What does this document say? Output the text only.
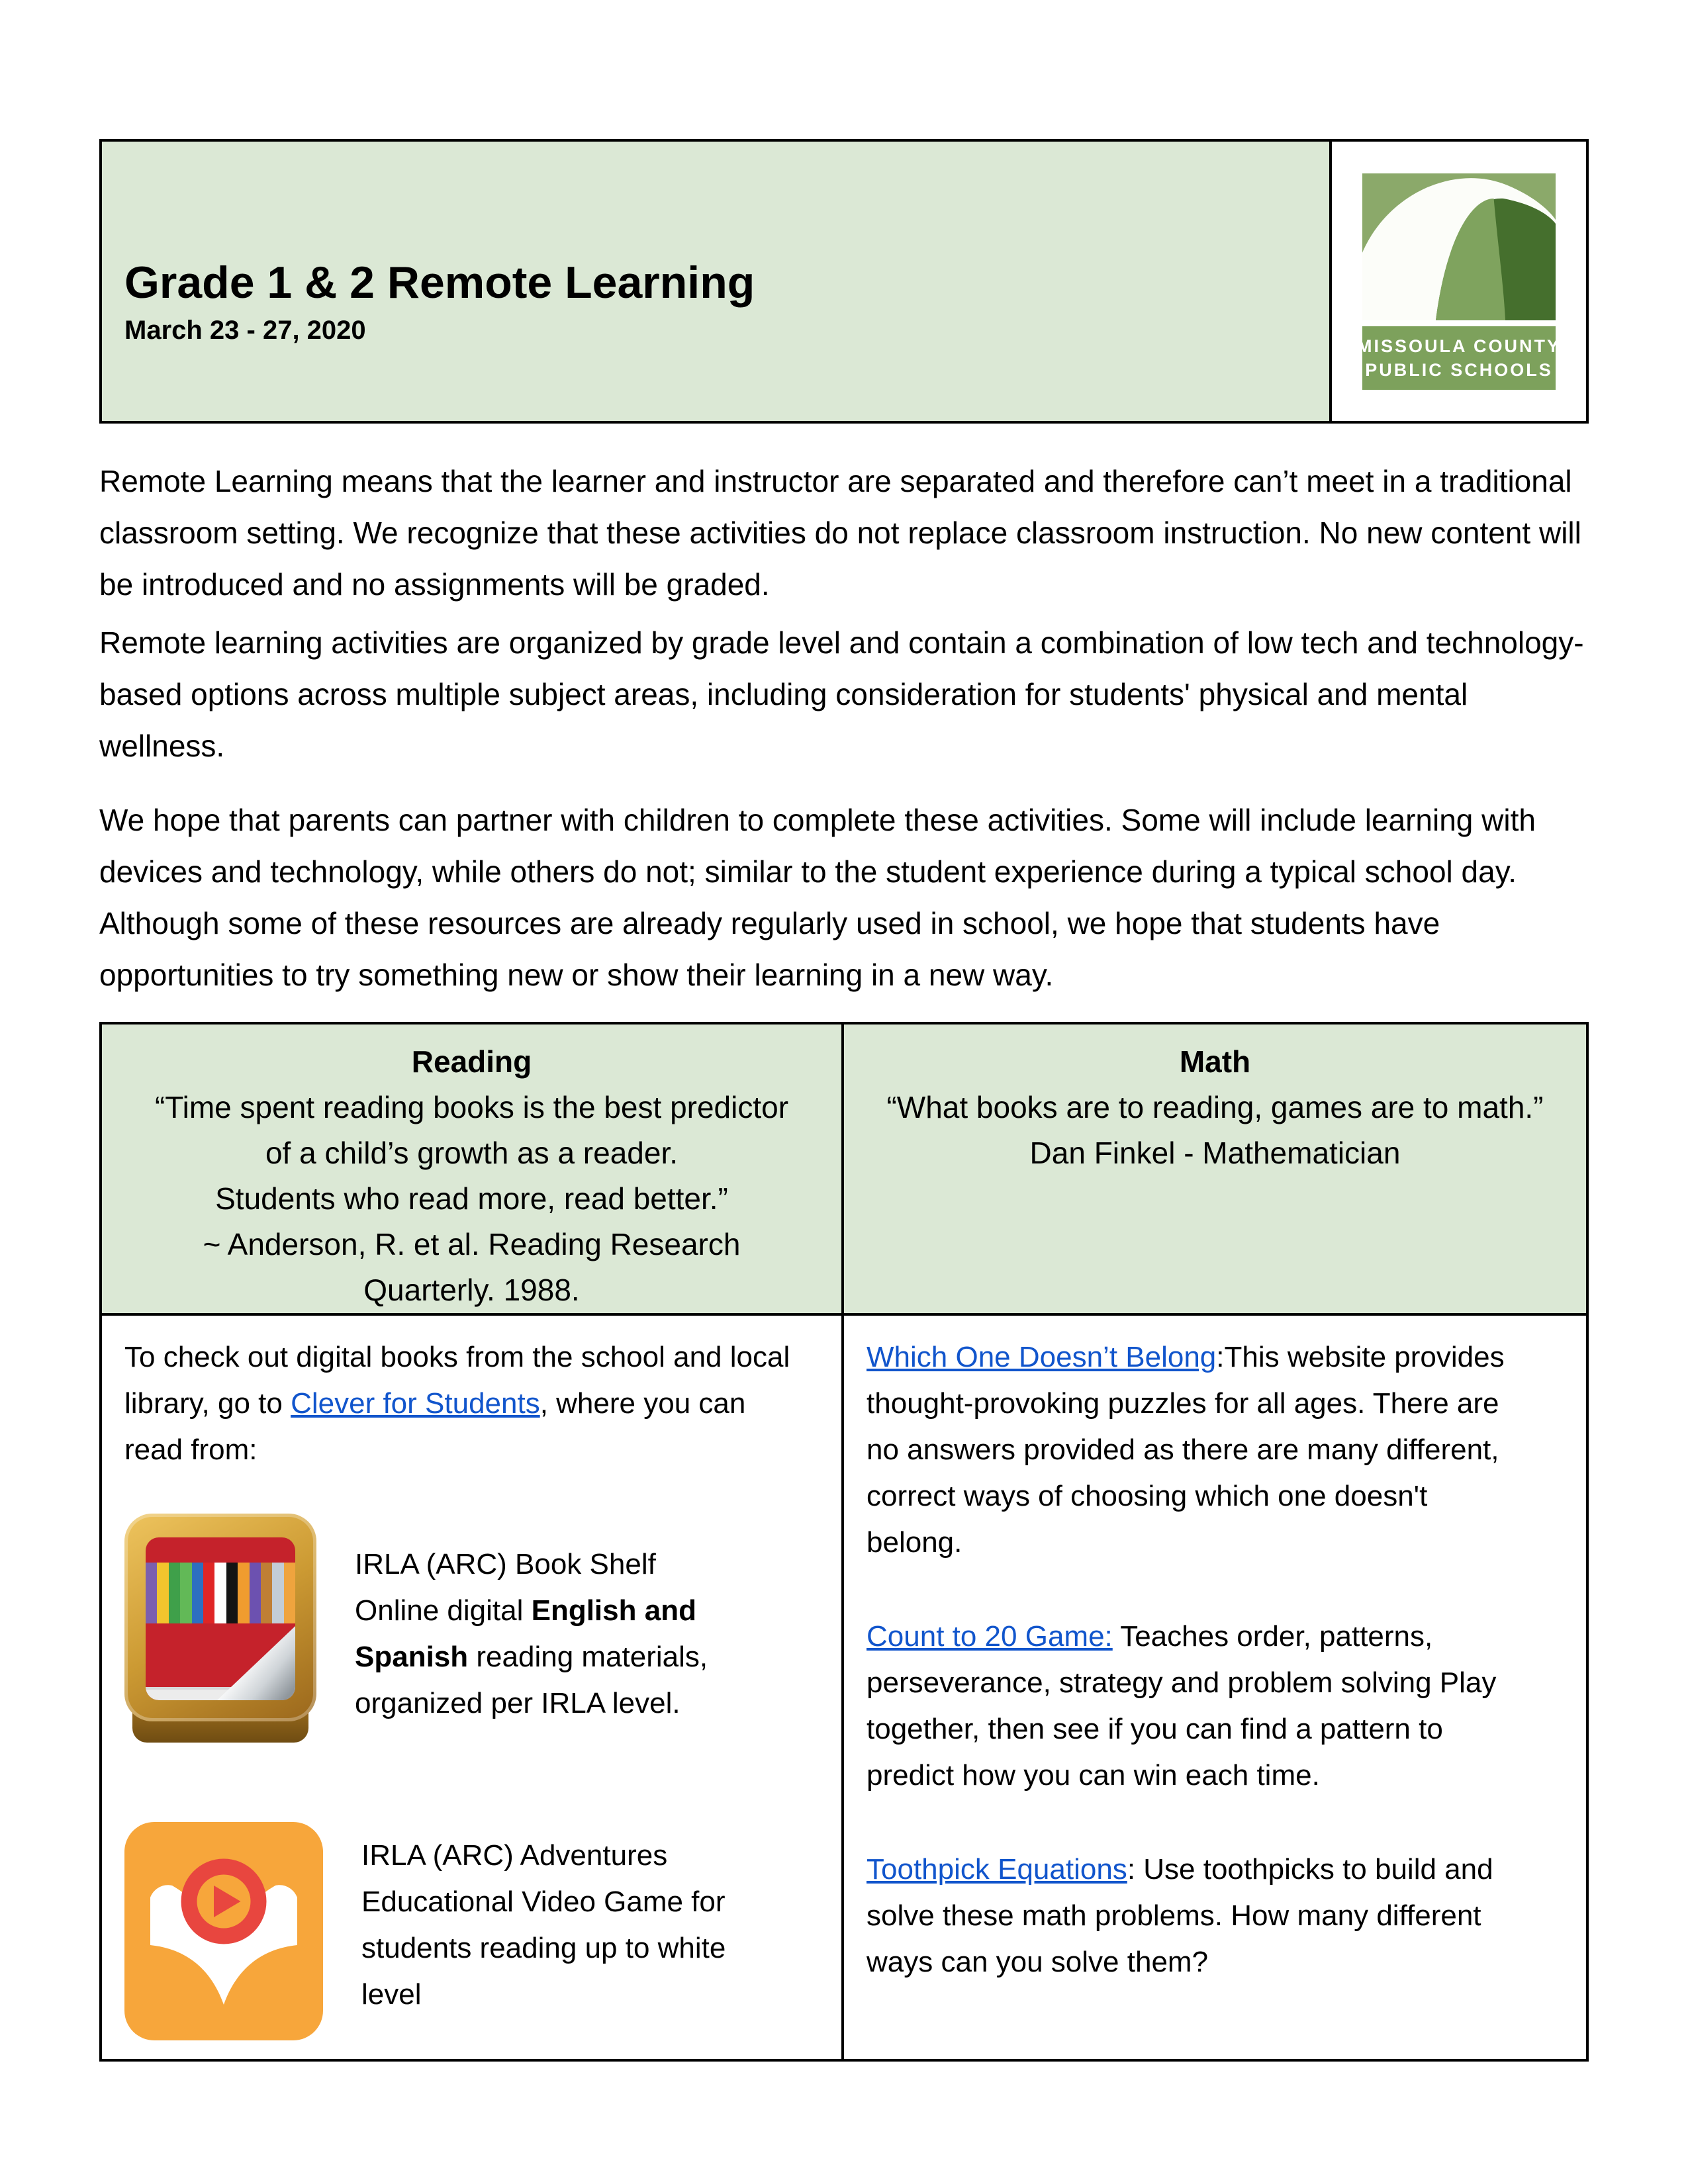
Grade 1 & 2 Remote Learning
March 23 - 27, 2020
MISSOULA COUNTY
PUBLIC SCHOOLS

Remote Learning means that the learner and instructor are separated and therefore can’t meet in a traditional classroom setting. We recognize that these activities do not replace classroom instruction. No new content will be introduced and no assignments will be graded.

Remote learning activities are organized by grade level and contain a combination of low tech and technology-based options across multiple subject areas, including consideration for students' physical and mental wellness.

We hope that parents can partner with children to complete these activities. Some will include learning with devices and technology, while others do not; similar to the student experience during a typical school day. Although some of these resources are already regularly used in school, we hope that students have opportunities to try something new or show their learning in a new way.

Reading
“Time spent reading books is the best predictor
of a child’s growth as a reader.
Students who read more, read better.”
~ Anderson, R. et al. Reading Research
Quarterly. 1988.
Math
“What books are to reading, games are to math.”
Dan Finkel - Mathematician

To check out digital books from the school and local library, go to Clever for Students, where you can read from:

IRLA (ARC) Book Shelf
Online digital English and Spanish reading materials, organized per IRLA level.
IRLA (ARC) Adventures Educational Video Game for students reading up to white level

Which One Doesn’t Belong:This website provides thought-provoking puzzles for all ages. There are no answers provided as there are many different, correct ways of choosing which one doesn't belong.

Count to 20 Game: Teaches order, patterns, perseverance, strategy and problem solving Play together, then see if you can find a pattern to predict how you can win each time.

Toothpick Equations: Use toothpicks to build and solve these math problems. How many different ways can you solve them?
